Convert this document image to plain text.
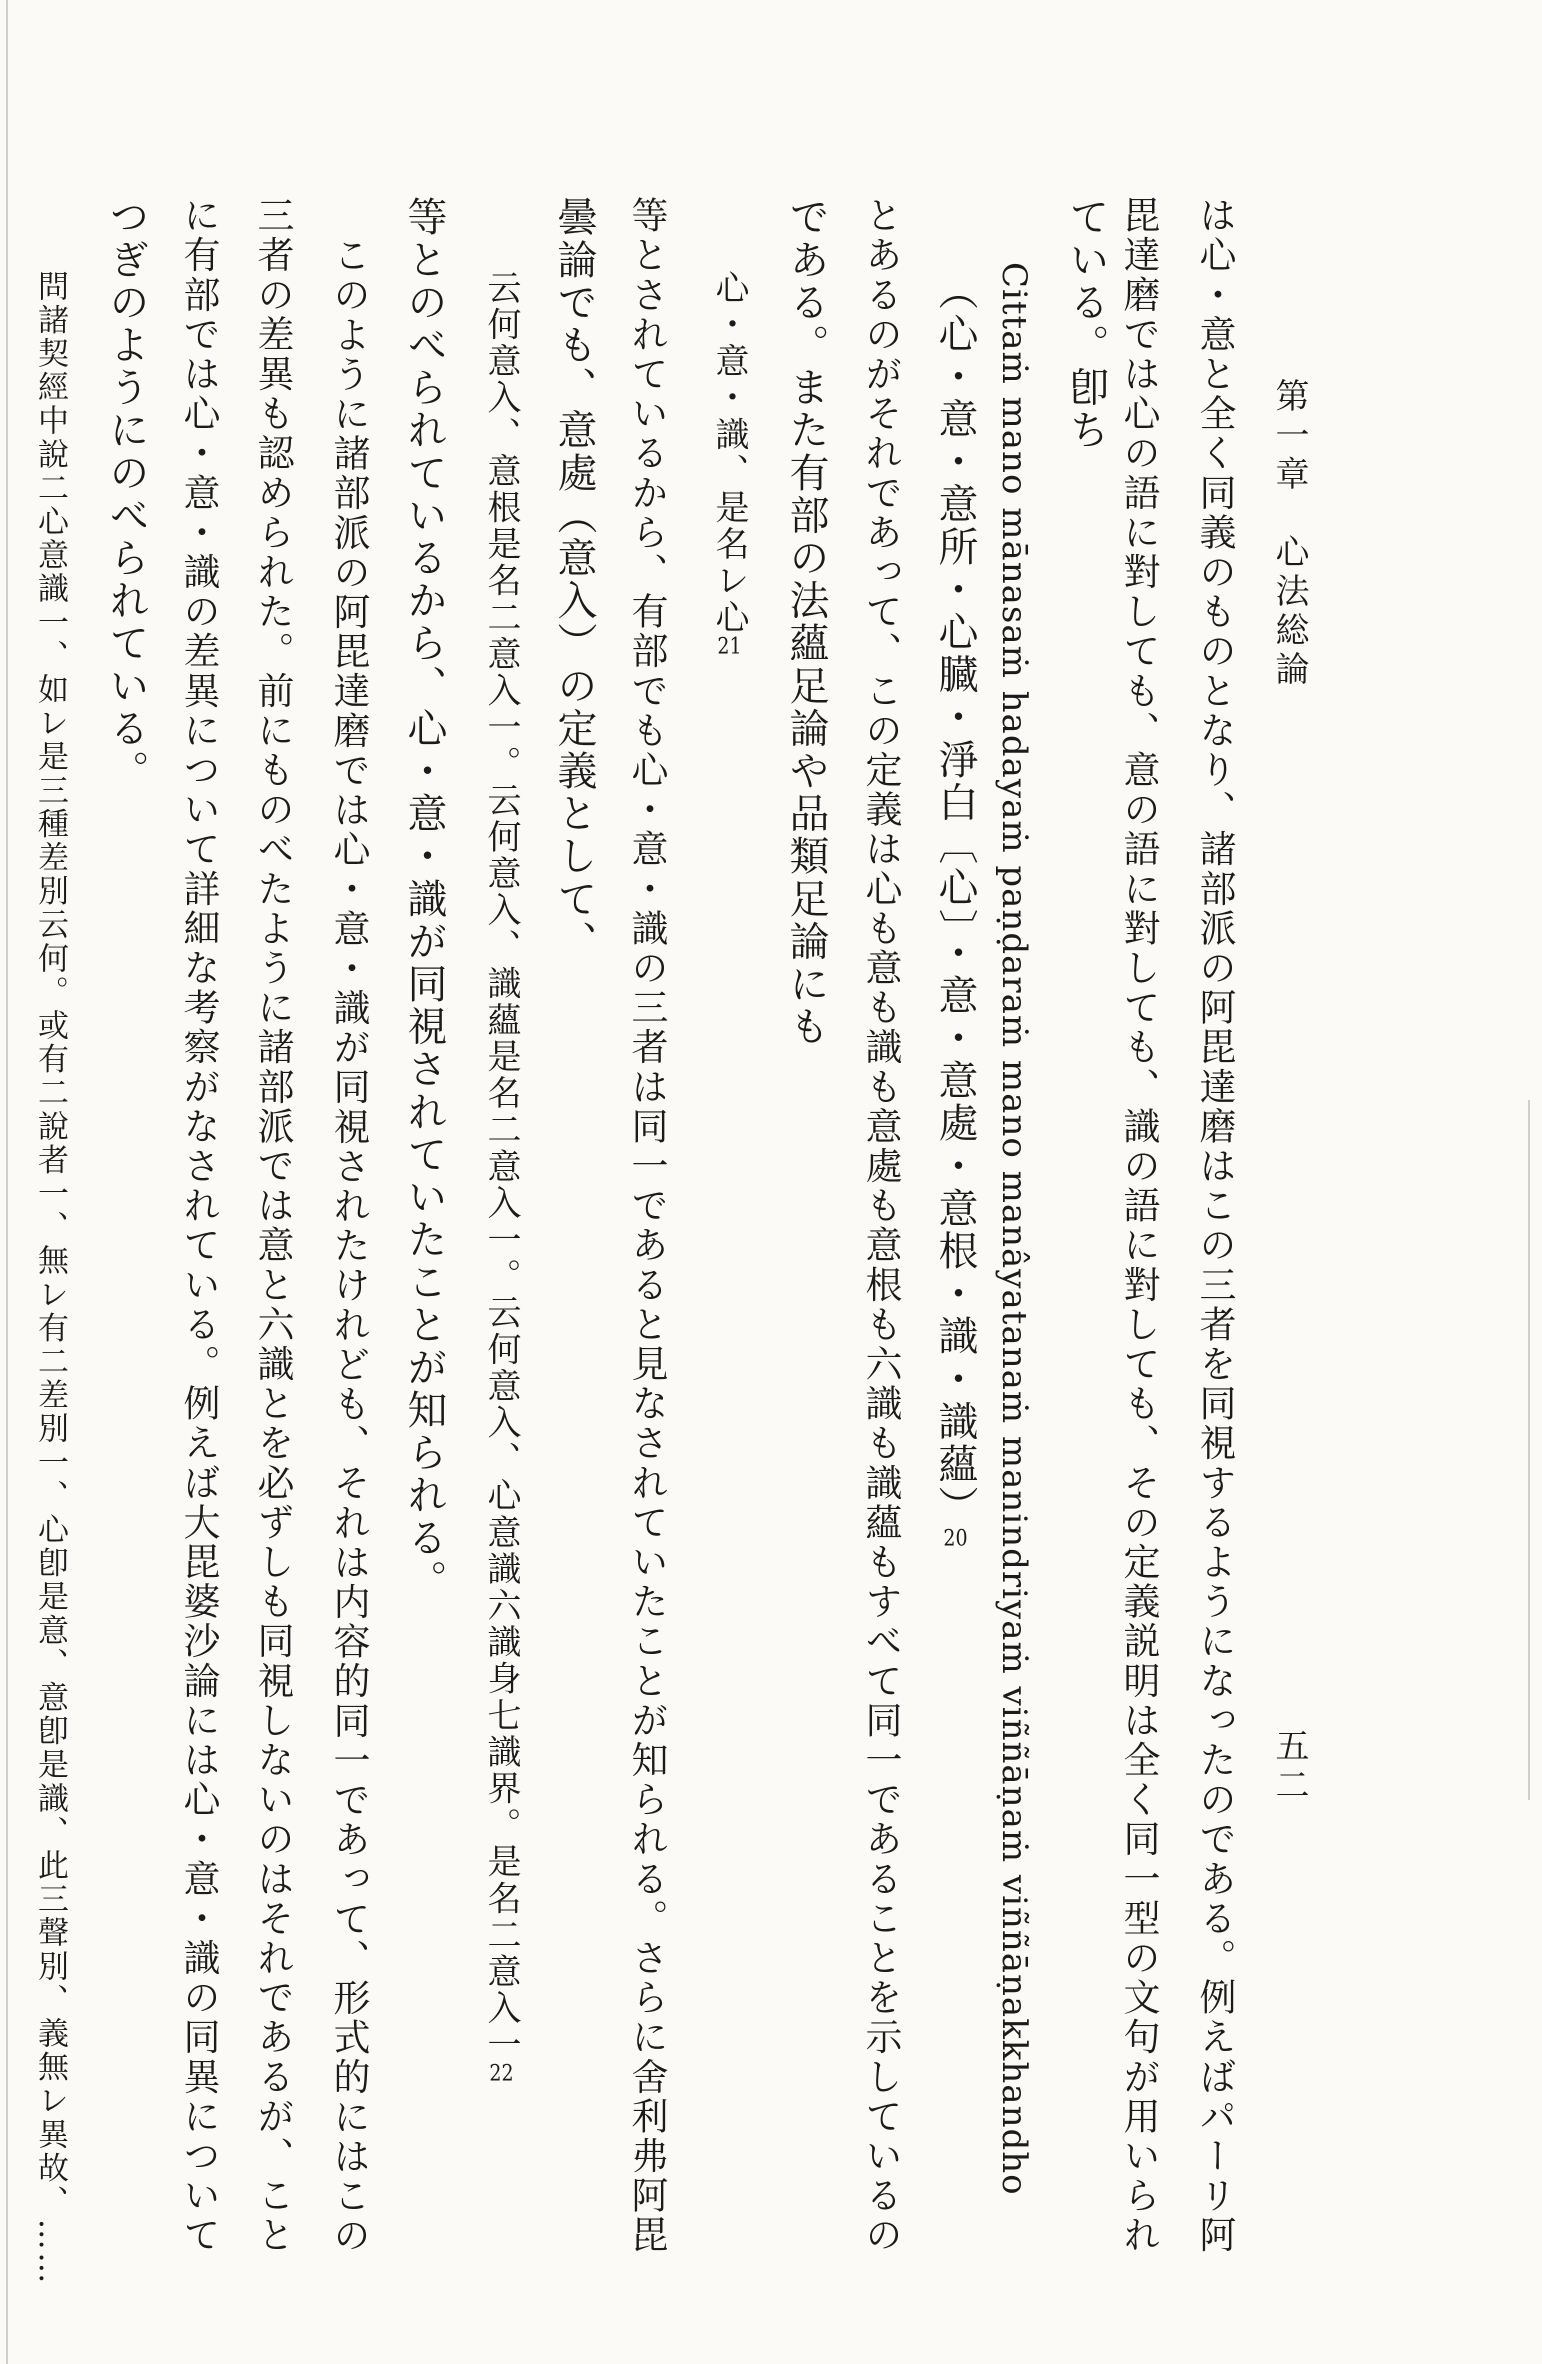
第一章　心法総論
五二
は心・意と全く同義のものとなり、諸部派の阿毘達磨はこの三者を同視するようになったのである。例えばパーリ阿
毘達磨では心の語に對しても、意の語に對しても、識の語に對しても、その定義説明は全く同一型の文句が用いられ
ている。卽ち
Cittaṁ mano mānasaṁ hadayaṁ paṇḍaraṁ mano manâyatanaṁ manindriyaṁ viññāṇaṁ viññāṇakkhandho
（心・意・意所・心臓・淨白〔心〕・意・意處・意根・識・識蘊）20
とあるのがそれであって、この定義は心も意も識も意處も意根も六識も識蘊もすべて同一であることを示しているの
である。また有部の法蘊足論や品類足論にも
心・意・識、是名レ心21
等とされているから、有部でも心・意・識の三者は同一であると見なされていたことが知られる。さらに舍利弗阿毘
曇論でも、意處（意入）の定義として、
云何意入、意根是名二意入一。云何意入、識蘊是名二意入一。云何意入、心意識六識身七識界。是名二意入一22
等とのべられているから、心・意・識が同視されていたことが知られる。
このように諸部派の阿毘達磨では心・意・識が同視されたけれども、それは内容的同一であって、形式的にはこの
三者の差異も認められた。前にものべたように諸部派では意と六識とを必ずしも同視しないのはそれであるが、こと
に有部では心・意・識の差異について詳細な考察がなされている。例えば大毘婆沙論には心・意・識の同異について
つぎのようにのべられている。
問諸契經中說二心意識一、如レ是三種差別云何。或有二說者一、無レ有二差別一、心卽是意、意卽是識、此三聲別、義無レ異故、……
